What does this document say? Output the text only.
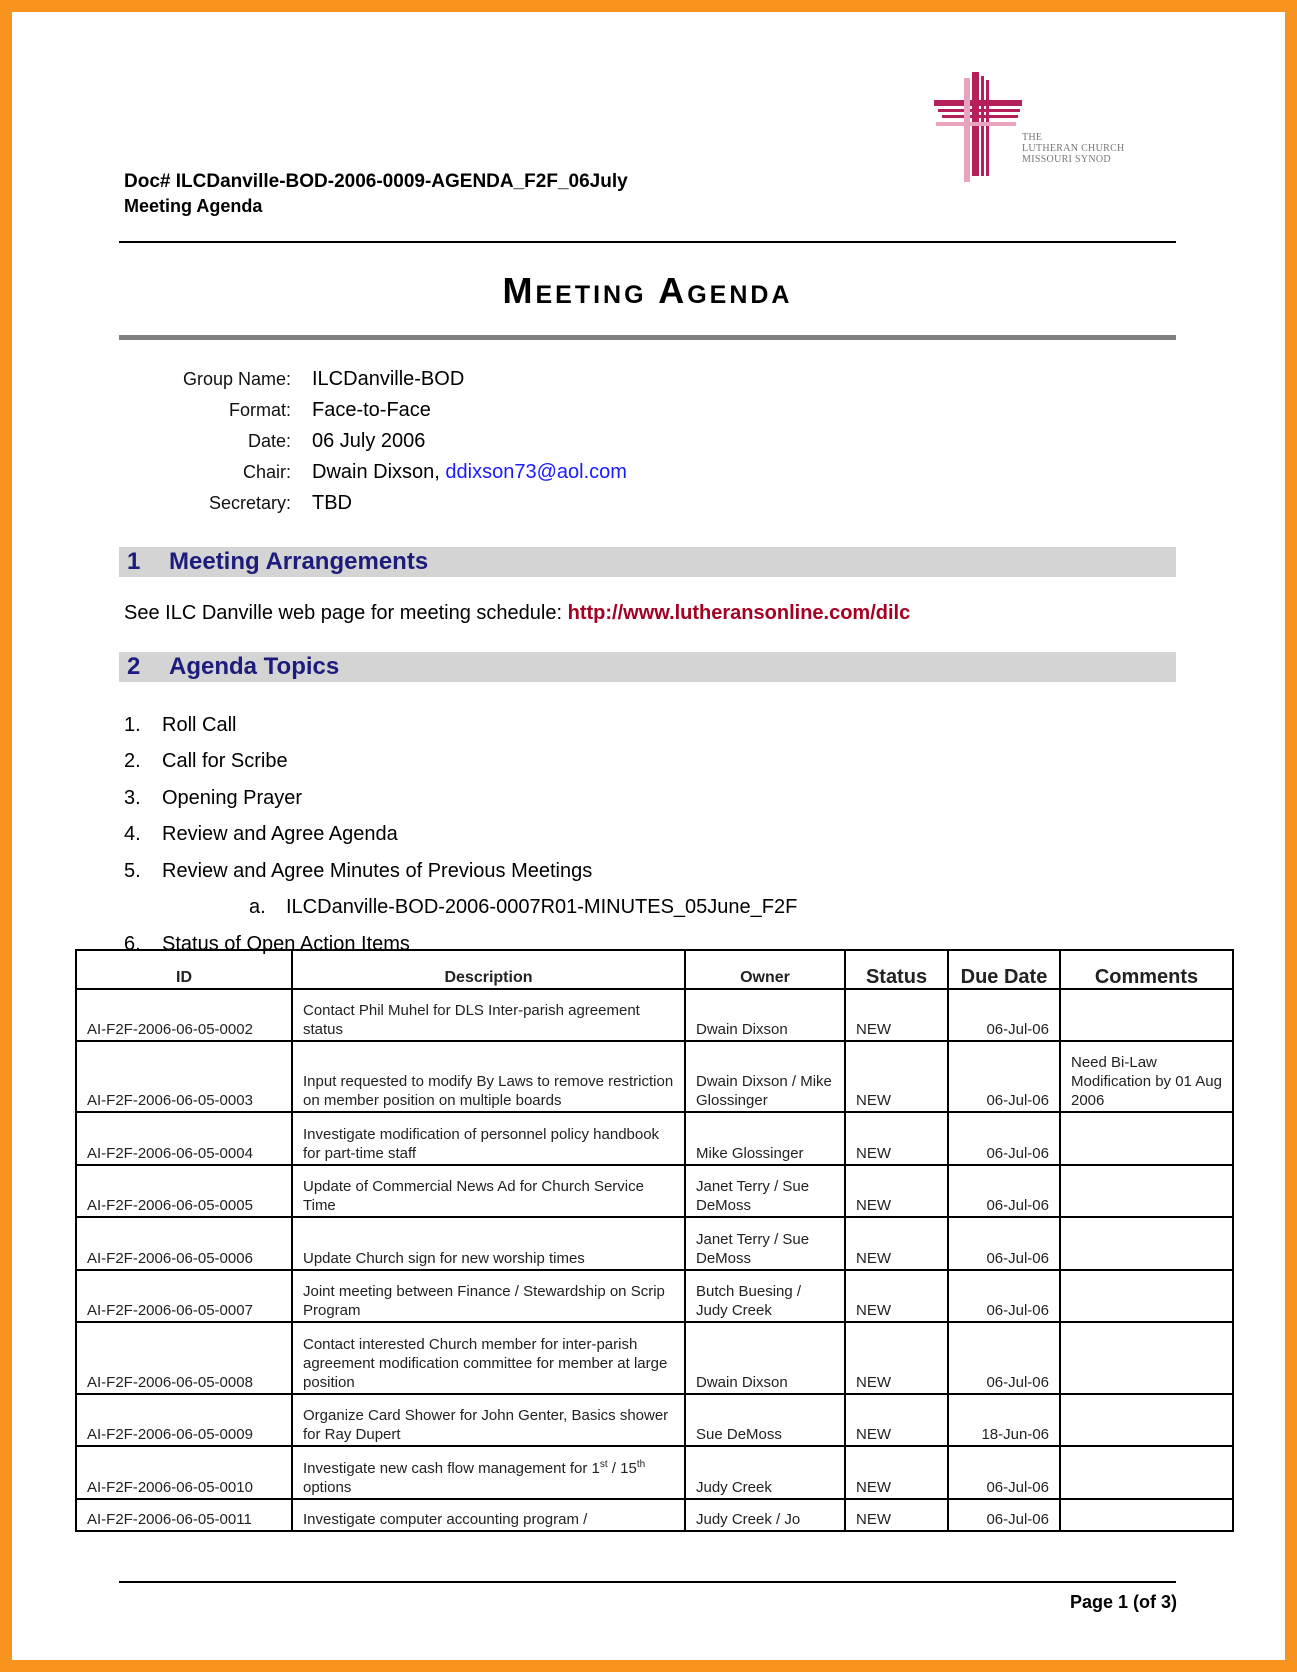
Doc# ILCDanville-BOD-2006-0009-AGENDA_F2F_06July
Meeting Agenda
THE
LUTHERAN CHURCH
MISSOURI SYNOD
Meeting Agenda
Group Name:	ILCDanville-BOD
Format:	Face-to-Face
Date:	06 July 2006
Chair:	Dwain Dixson, ddixson73@aol.com
Secretary:	TBD
1 Meeting Arrangements
See ILC Danville web page for meeting schedule: http://www.lutheransonline.com/dilc
2 Agenda Topics
1.	Roll Call
2.	Call for Scribe
3.	Opening Prayer
4.	Review and Agree Agenda
5.	Review and Agree Minutes of Previous Meetings
a.	ILCDanville-BOD-2006-0007R01-MINUTES_05June_F2F
6.	Status of Open Action Items
ID	Description	Owner	Status	Due Date	Comments
AI-F2F-2006-06-05-0002	Contact Phil Muhel for DLS Inter-parish agreement status	Dwain Dixson	NEW	06-Jul-06	
AI-F2F-2006-06-05-0003	Input requested to modify By Laws to remove restriction on member position on multiple boards	Dwain Dixson / Mike Glossinger	NEW	06-Jul-06	Need Bi-Law Modification by 01 Aug 2006
AI-F2F-2006-06-05-0004	Investigate modification of personnel policy handbook for part-time staff	Mike Glossinger	NEW	06-Jul-06	
AI-F2F-2006-06-05-0005	Update of Commercial News Ad for Church Service Time	Janet Terry / Sue DeMoss	NEW	06-Jul-06	
AI-F2F-2006-06-05-0006	Update Church sign for new worship times	Janet Terry / Sue DeMoss	NEW	06-Jul-06	
AI-F2F-2006-06-05-0007	Joint meeting between Finance / Stewardship on Scrip Program	Butch Buesing / Judy Creek	NEW	06-Jul-06	
AI-F2F-2006-06-05-0008	Contact interested Church member for inter-parish agreement modification committee for member at large position	Dwain Dixson	NEW	06-Jul-06	
AI-F2F-2006-06-05-0009	Organize Card Shower for John Genter, Basics shower for Ray Dupert	Sue DeMoss	NEW	18-Jun-06	
AI-F2F-2006-06-05-0010	Investigate new cash flow management for 1st / 15th options	Judy Creek	NEW	06-Jul-06	
AI-F2F-2006-06-05-0011	Investigate computer accounting program /	Judy Creek / Jo	NEW	06-Jul-06	
Page 1 (of 3)
